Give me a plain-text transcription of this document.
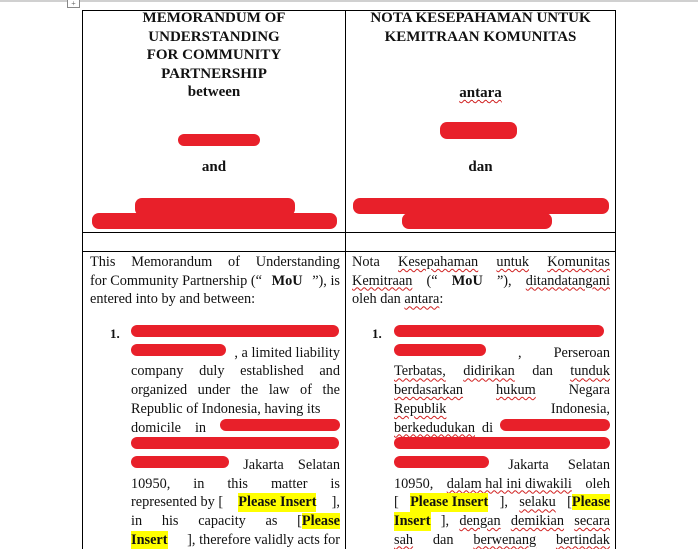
+
MEMORANDUM OF
UNDERSTANDING
FOR COMMUNITY
PARTNERSHIP
between
and
NOTA KESEPAHAMAN UNTUK
KEMITRAAN KOMUNITAS
antara
dan
1.	1.
This Memorandum of Understanding
for Community Partnership (“ MoU ”), is
entered into by and between:
Nota Kesepahaman untuk Komunitas
Kemitraan (“ MoU ”), ditandatangani
oleh dan antara :
, a limited liability
company duly established and
organized under the law of the
Republic of Indonesia, having its
domicile in
Jakarta Selatan
10950, in this matter is
represented by [ Please Insert ],
in his capacity as [Please
Insert ], therefore validly acts for
, Perseroan
Terbatas, didirikan dan tunduk
berdasarkan hukum Negara
Republik	Indonesia,
berkedudukan di
Jakarta Selatan
10950, dalam hal ini diwakili oleh
[ Please Insert ], selaku [Please
Insert ], dengan demikian secara
sah dan berwenang bertindak
